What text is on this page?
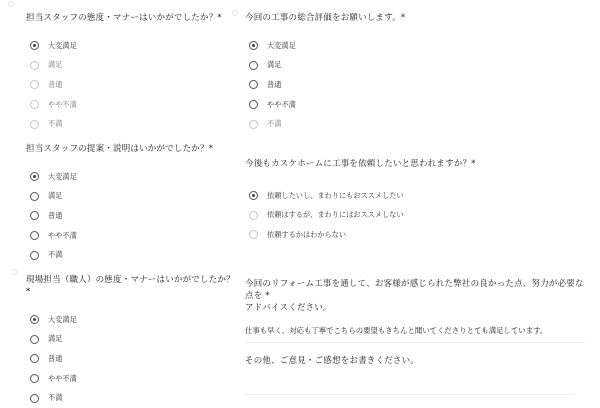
担当スタッフの態度・マナーはいかがでしたか？*
大変満足
満足
普通
やや不満
不満
担当スタッフの提案・説明はいかがでしたか？*
大変満足
満足
普通
やや不満
不満
現場担当（職人）の態度・マナーはいかがでしたか？*
大変満足
満足
普通
やや不満
不満
今回の工事の総合評価をお願いします。*
大変満足
満足
普通
やや不満
不満
今後もカスケホームに工事を依頼したいと思われますか？*
依頼したいし、まわりにもおススメしたい
依頼はするが、まわりにはおススメしない
依頼するかはわからない
今回のリフォーム工事を通して、お客様が感じられた弊社の良かった点、努力が必要な点を *
アドバイスください。
仕事も早く、対応も丁寧でこちらの要望もきちんと聞いてくださりとても満足しています。
その他、ご意見・ご感想をお書きください。
